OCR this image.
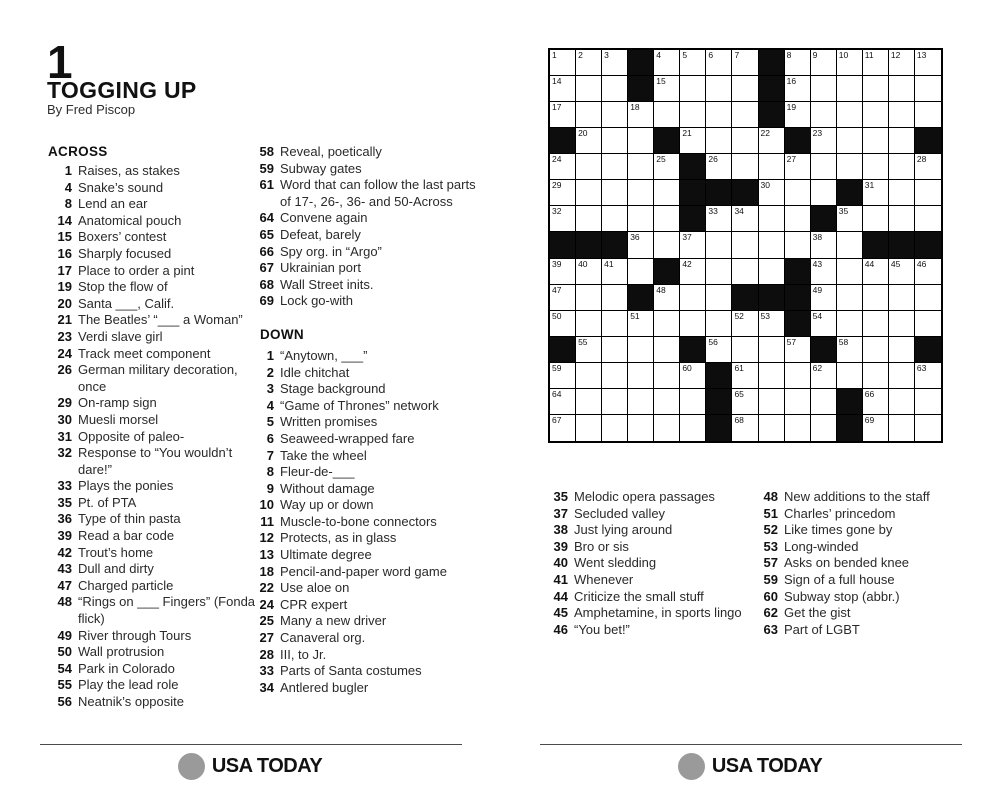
1
TOGGING UP
By Fred Piscop
ACROSS
1 Raises, as stakes
4 Snake’s sound
8 Lend an ear
14 Anatomical pouch
15 Boxers’ contest
16 Sharply focused
17 Place to order a pint
19 Stop the flow of
20 Santa ___, Calif.
21 The Beatles’ “___ a Woman”
23 Verdi slave girl
24 Track meet component
26 German military decoration, once
29 On-ramp sign
30 Muesli morsel
31 Opposite of paleo-
32 Response to “You wouldn’t dare!”
33 Plays the ponies
35 Pt. of PTA
36 Type of thin pasta
39 Read a bar code
42 Trout’s home
43 Dull and dirty
47 Charged particle
48 “Rings on ___ Fingers” (Fonda flick)
49 River through Tours
50 Wall protrusion
54 Park in Colorado
55 Play the lead role
56 Neatnik’s opposite
58 Reveal, poetically
59 Subway gates
61 Word that can follow the last parts of 17-, 26-, 36- and 50-Across
64 Convene again
65 Defeat, barely
66 Spy org. in “Argo”
67 Ukrainian port
68 Wall Street inits.
69 Lock go-with
DOWN
1 “Anytown, ___”
2 Idle chitchat
3 Stage background
4 “Game of Thrones” network
5 Written promises
6 Seaweed-wrapped fare
7 Take the wheel
8 Fleur-de-___
9 Without damage
10 Way up or down
11 Muscle-to-bone connectors
12 Protects, as in glass
13 Ultimate degree
18 Pencil-and-paper word game
22 Use aloe on
24 CPR expert
25 Many a new driver
27 Canaveral org.
28 III, to Jr.
33 Parts of Santa costumes
34 Antlered bugler
USA TODAY
1	2	3	4	5	6	7	8	9	10 11 12 13
14	15	16
17	18	19
20	21	22	23
24	25	26	27	28
29	30	31
32	33 34	35
36	37	38
39 40 41	42	43	44 45 46
47	48	49
50	51	52 53	54
55	56	57	58
59	60	61	62	63
64	65	66
67	68	69
35 Melodic opera passages
37 Secluded valley
38 Just lying around
39 Bro or sis
40 Went sledding
41 Whenever
44 Criticize the small stuff
45 Amphetamine, in sports lingo
46 “You bet!”
48 New additions to the staff
51 Charles’ princedom
52 Like times gone by
53 Long-winded
57 Asks on bended knee
59 Sign of a full house
60 Subway stop (abbr.)
62 Get the gist
63 Part of LGBT
USA TODAY
